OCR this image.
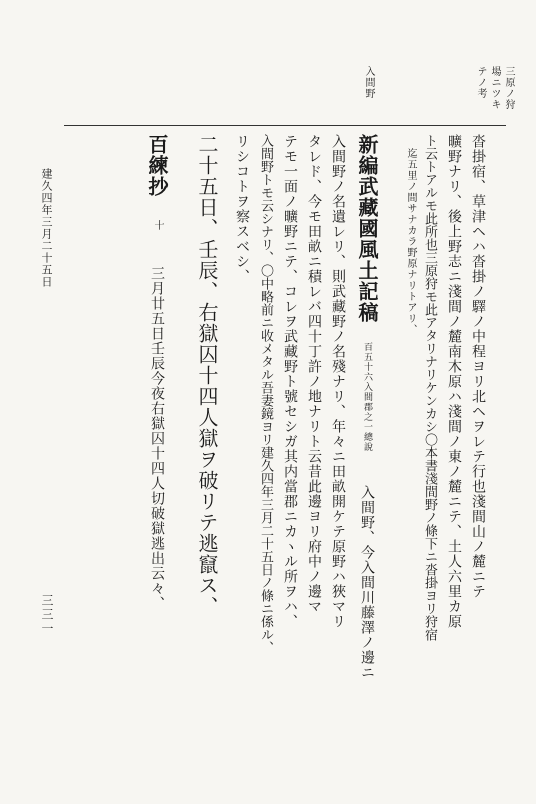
三原ノ狩
場ニツキ
テノ考
入間野
沓掛宿、草津ヘハ沓掛ノ驛ノ中程ヨリ北ヘヲレテ行也淺間山ノ麓ニテ
曠野ナリ、後上野志ニ淺間ノ麓南木原ハ淺間ノ東ノ麓ニテ、土人六里カ原
ト云トアルモ此所也三原狩モ此アタリナリケンカシ〇本書淺間野ノ條下ニ沓掛ヨリ狩宿
迄五里ノ間サナカラ野原ナリトアリ、
新編武藏國風土記稿 百五十六入間郡之一總說 入間野、今入間川藤澤ノ邊ニ
入間野ノ名遺レリ、則武藏野ノ名殘ナリ、年々ニ田畝開ケテ原野ハ狹マリ
タレド、今モ田畝ニ積レバ四十丁許ノ地ナリト云昔此邊ヨリ府中ノ邊マ
テモ一面ノ曠野ニテ、コレヲ武藏野ト號セシガ其内當郡ニカヽル所ヲハ、
入間野トモ云シナリ、〇中略前ニ收メタル吾妻鏡ヨリ建久四年三月二十五日ノ條ニ係ル、
リシコトヲ察スベシ、
二十五日、壬辰、右獄囚十四人獄ヲ破リテ逃竄ス、
百練抄 十 三月廿五日壬辰今夜右獄囚十四人切破獄逃出云々、
建久四年三月二十五日
三三一
